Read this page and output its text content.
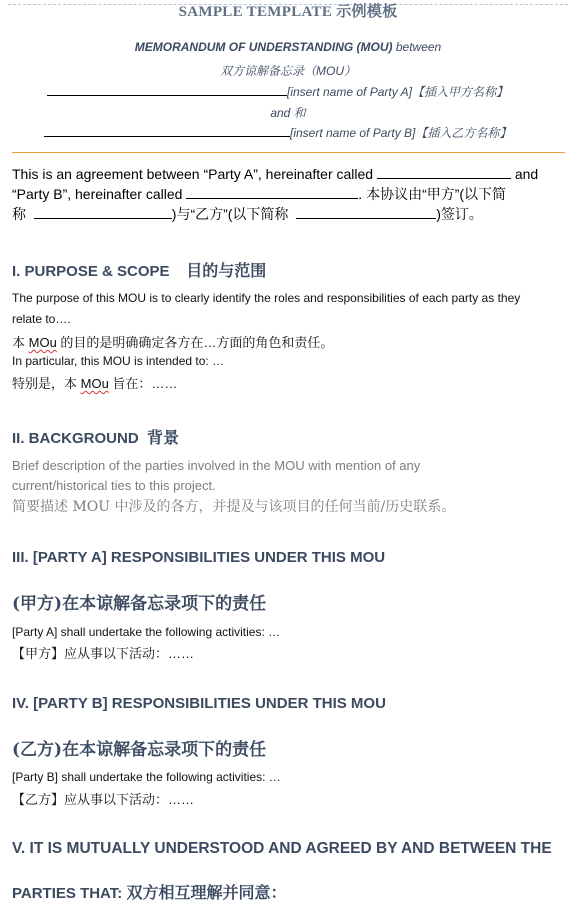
SAMPLE TEMPLATE 示例模板
MEMORANDUM OF UNDERSTANDING (MOU) between
双方谅解备忘录（MOU）
[insert name of Party A]【插入甲方名称】
and 和
[insert name of Party B]【插入乙方名称】
This is an agreement between “Party A”, hereinafter called	and
“Party B”, hereinafter called	. 本协议由“甲方”(以下简
称	)与“乙方”(以下简称	)签订。
I. PURPOSE & SCOPE 目的与范围
The purpose of this MOU is to clearly identify the roles and responsibilities of each party as they
relate to….
本 MOu 的目的是明确确定各方在…方面的角色和责任。
In particular, this MOU is intended to: …
特别是，本 MOu 旨在：……
II. BACKGROUND 背景
Brief description of the parties involved in the MOU with mention of any
current/historical ties to this project.
简要描述 MOU 中涉及的各方，并提及与该项目的任何当前/历史联系。
III. [PARTY A] RESPONSIBILITIES UNDER THIS MOU
(甲方)在本谅解备忘录项下的责任
[Party A] shall undertake the following activities: …
【甲方】应从事以下活动：……
IV. [PARTY B] RESPONSIBILITIES UNDER THIS MOU
(乙方)在本谅解备忘录项下的责任
[Party B] shall undertake the following activities: …
【乙方】应从事以下活动：……
V. IT IS MUTUALLY UNDERSTOOD AND AGREED BY AND BETWEEN THE
PARTIES THAT: 双方相互理解并同意：
